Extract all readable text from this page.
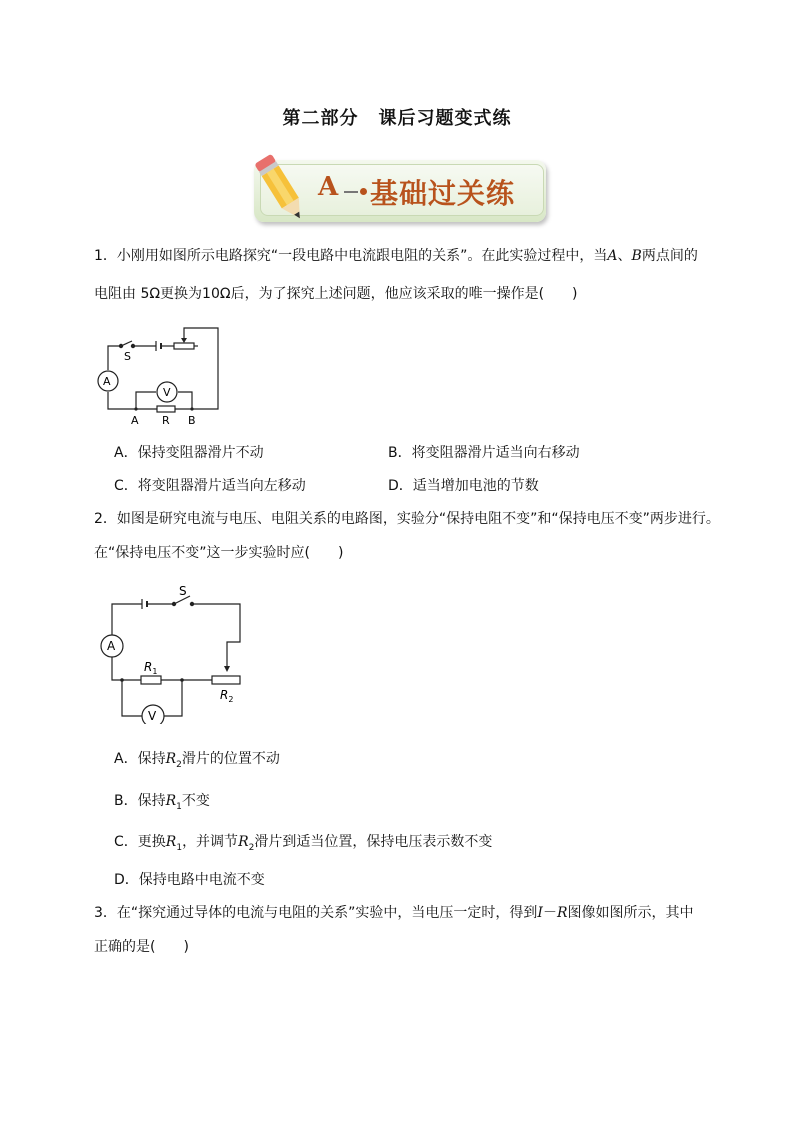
第二部分 课后习题变式练
A 基础过关练
1．小刚用如图所示电路探究“一段电路中电流跟电阻的关系”。在此实验过程中，当A、B两点间的
电阻由 5Ω更换为10Ω后，为了探究上述问题，他应该采取的唯一操作是(　　)
S
A
V
A R B
A．保持变阻器滑片不动	B．将变阻器滑片适当向右移动
C．将变阻器滑片适当向左移动	D．适当增加电池的节数
2．如图是研究电流与电压、电阻关系的电路图，实验分“保持电阻不变”和“保持电压不变”两步进行。
在“保持电压不变”这一步实验时应(　　)
S
A
V
$R_1$
$R_2$
A．保持$R_2$滑片的位置不动
B．保持$R_1$不变
C．更换$R_1$，并调节$R_2$滑片到适当位置，保持电压表示数不变
D．保持电路中电流不变
3．在“探究通过导体的电流与电阻的关系”实验中，当电压一定时，得到I－R图像如图所示，其中
正确的是(　　)
